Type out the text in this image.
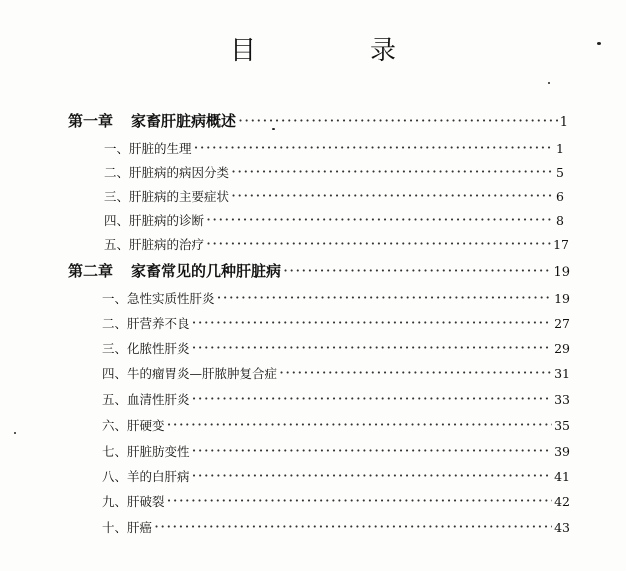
目　录
第一章 家畜肝脏病概述 ·····	1
一、肝脏的生理 ·····	1
二、肝脏病的病因分类 ·····	5
三、肝脏病的主要症状 ·····	6
四、肝脏病的诊断 ·····	8
五、肝脏病的治疗 ·····	17
第二章 家畜常见的几种肝脏病 ·····	19
一、急性实质性肝炎 ·····	19
二、肝营养不良 ·····	27
三、化脓性肝炎 ·····	29
四、牛的瘤胃炎—肝脓肿复合症 ·····	31
五、血清性肝炎 ·····	33
六、肝硬变 ·····	35
七、肝脏肪变性 ·····	39
八、羊的白肝病 ·····	41
九、肝破裂 ·····	42
十、肝癌 ·····	43
